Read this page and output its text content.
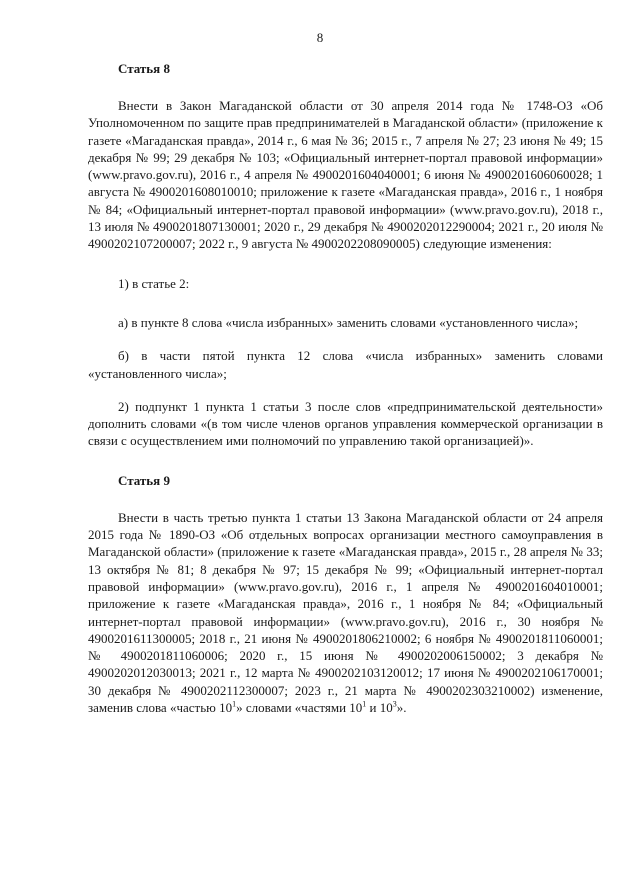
8
Статья 8

Внести в Закон Магаданской области от 30 апреля 2014 года № 1748-ОЗ «Об Уполномоченном по защите прав предпринимателей в Магаданской области» (приложение к газете «Магаданская правда», 2014 г., 6 мая № 36; 2015 г., 7 апреля № 27; 23 июня № 49; 15 декабря № 99; 29 декабря № 103; «Официальный интернет-портал правовой информации» (www.pravo.gov.ru), 2016 г., 4 апреля № 4900201604040001; 6 июня № 4900201606060028; 1 августа № 4900201608010010; приложение к газете «Магаданская правда», 2016 г., 1 ноября № 84; «Официальный интернет-портал правовой информации» (www.pravo.gov.ru), 2018 г., 13 июля № 4900201807130001; 2020 г., 29 декабря № 4900202012290004; 2021 г., 20 июля № 4900202107200007; 2022 г., 9 августа № 4900202208090005) следующие изменения:

1) в статье 2:

а) в пункте 8 слова «числа избранных» заменить словами «установленного числа»;

б) в части пятой пункта 12 слова «числа избранных» заменить словами «установленного числа»;

2) подпункт 1 пункта 1 статьи 3 после слов «предпринимательской деятельности» дополнить словами «(в том числе членов органов управления коммерческой организации в связи с осуществлением ими полномочий по управлению такой организацией)».

Статья 9

Внести в часть третью пункта 1 статьи 13 Закона Магаданской области от 24 апреля 2015 года № 1890-ОЗ «Об отдельных вопросах организации местного самоуправления в Магаданской области» (приложение к газете «Магаданская правда», 2015 г., 28 апреля № 33; 13 октября № 81; 8 декабря № 97; 15 декабря № 99; «Официальный интернет-портал правовой информации» (www.pravo.gov.ru), 2016 г., 1 апреля № 4900201604010001; приложение к газете «Магаданская правда», 2016 г., 1 ноября № 84; «Официальный интернет-портал правовой информации» (www.pravo.gov.ru), 2016 г., 30 ноября № 4900201611300005; 2018 г., 21 июня № 4900201806210002; 6 ноября № 4900201811060001; № 4900201811060006; 2020 г., 15 июня № 4900202006150002; 3 декабря № 4900202012030013; 2021 г., 12 марта № 4900202103120012; 17 июня № 4900202106170001; 30 декабря № 4900202112300007; 2023 г., 21 марта № 4900202303210002) изменение, заменив слова «частью $10^1$» словами «частями $10^1$ и $10^3$».
